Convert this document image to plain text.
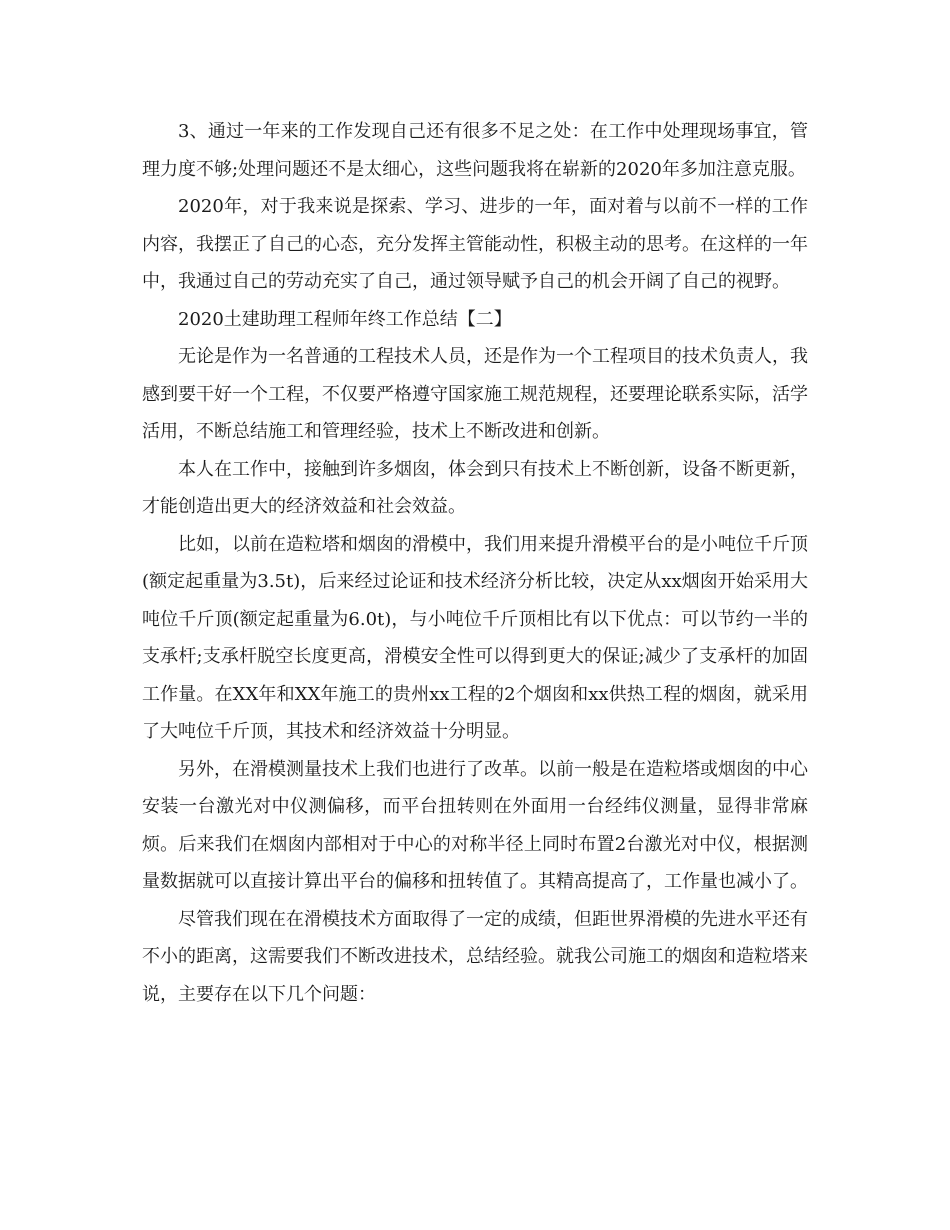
3、通过一年来的工作发现自己还有很多不足之处：在工作中处理现场事宜，管理力度不够;处理问题还不是太细心，这些问题我将在崭新的2020年多加注意克服。

2020年，对于我来说是探索、学习、进步的一年，面对着与以前不一样的工作内容，我摆正了自己的心态，充分发挥主管能动性，积极主动的思考。在这样的一年中，我通过自己的劳动充实了自己，通过领导赋予自己的机会开阔了自己的视野。

2020土建助理工程师年终工作总结【二】

无论是作为一名普通的工程技术人员，还是作为一个工程项目的技术负责人，我感到要干好一个工程，不仅要严格遵守国家施工规范规程，还要理论联系实际，活学活用，不断总结施工和管理经验，技术上不断改进和创新。

本人在工作中，接触到许多烟囱，体会到只有技术上不断创新，设备不断更新，才能创造出更大的经济效益和社会效益。

比如，以前在造粒塔和烟囱的滑模中，我们用来提升滑模平台的是小吨位千斤顶(额定起重量为3.5t)，后来经过论证和技术经济分析比较，决定从xx烟囱开始采用大吨位千斤顶(额定起重量为6.0t)，与小吨位千斤顶相比有以下优点：可以节约一半的支承杆;支承杆脱空长度更高，滑模安全性可以得到更大的保证;减少了支承杆的加固工作量。在XX年和XX年施工的贵州xx工程的2个烟囱和xx供热工程的烟囱，就采用了大吨位千斤顶，其技术和经济效益十分明显。

另外，在滑模测量技术上我们也进行了改革。以前一般是在造粒塔或烟囱的中心安装一台激光对中仪测偏移，而平台扭转则在外面用一台经纬仪测量，显得非常麻烦。后来我们在烟囱内部相对于中心的对称半径上同时布置2台激光对中仪，根据测量数据就可以直接计算出平台的偏移和扭转值了。其精高提高了，工作量也减小了。

尽管我们现在在滑模技术方面取得了一定的成绩，但距世界滑模的先进水平还有不小的距离，这需要我们不断改进技术，总结经验。就我公司施工的烟囱和造粒塔来说，主要存在以下几个问题：
